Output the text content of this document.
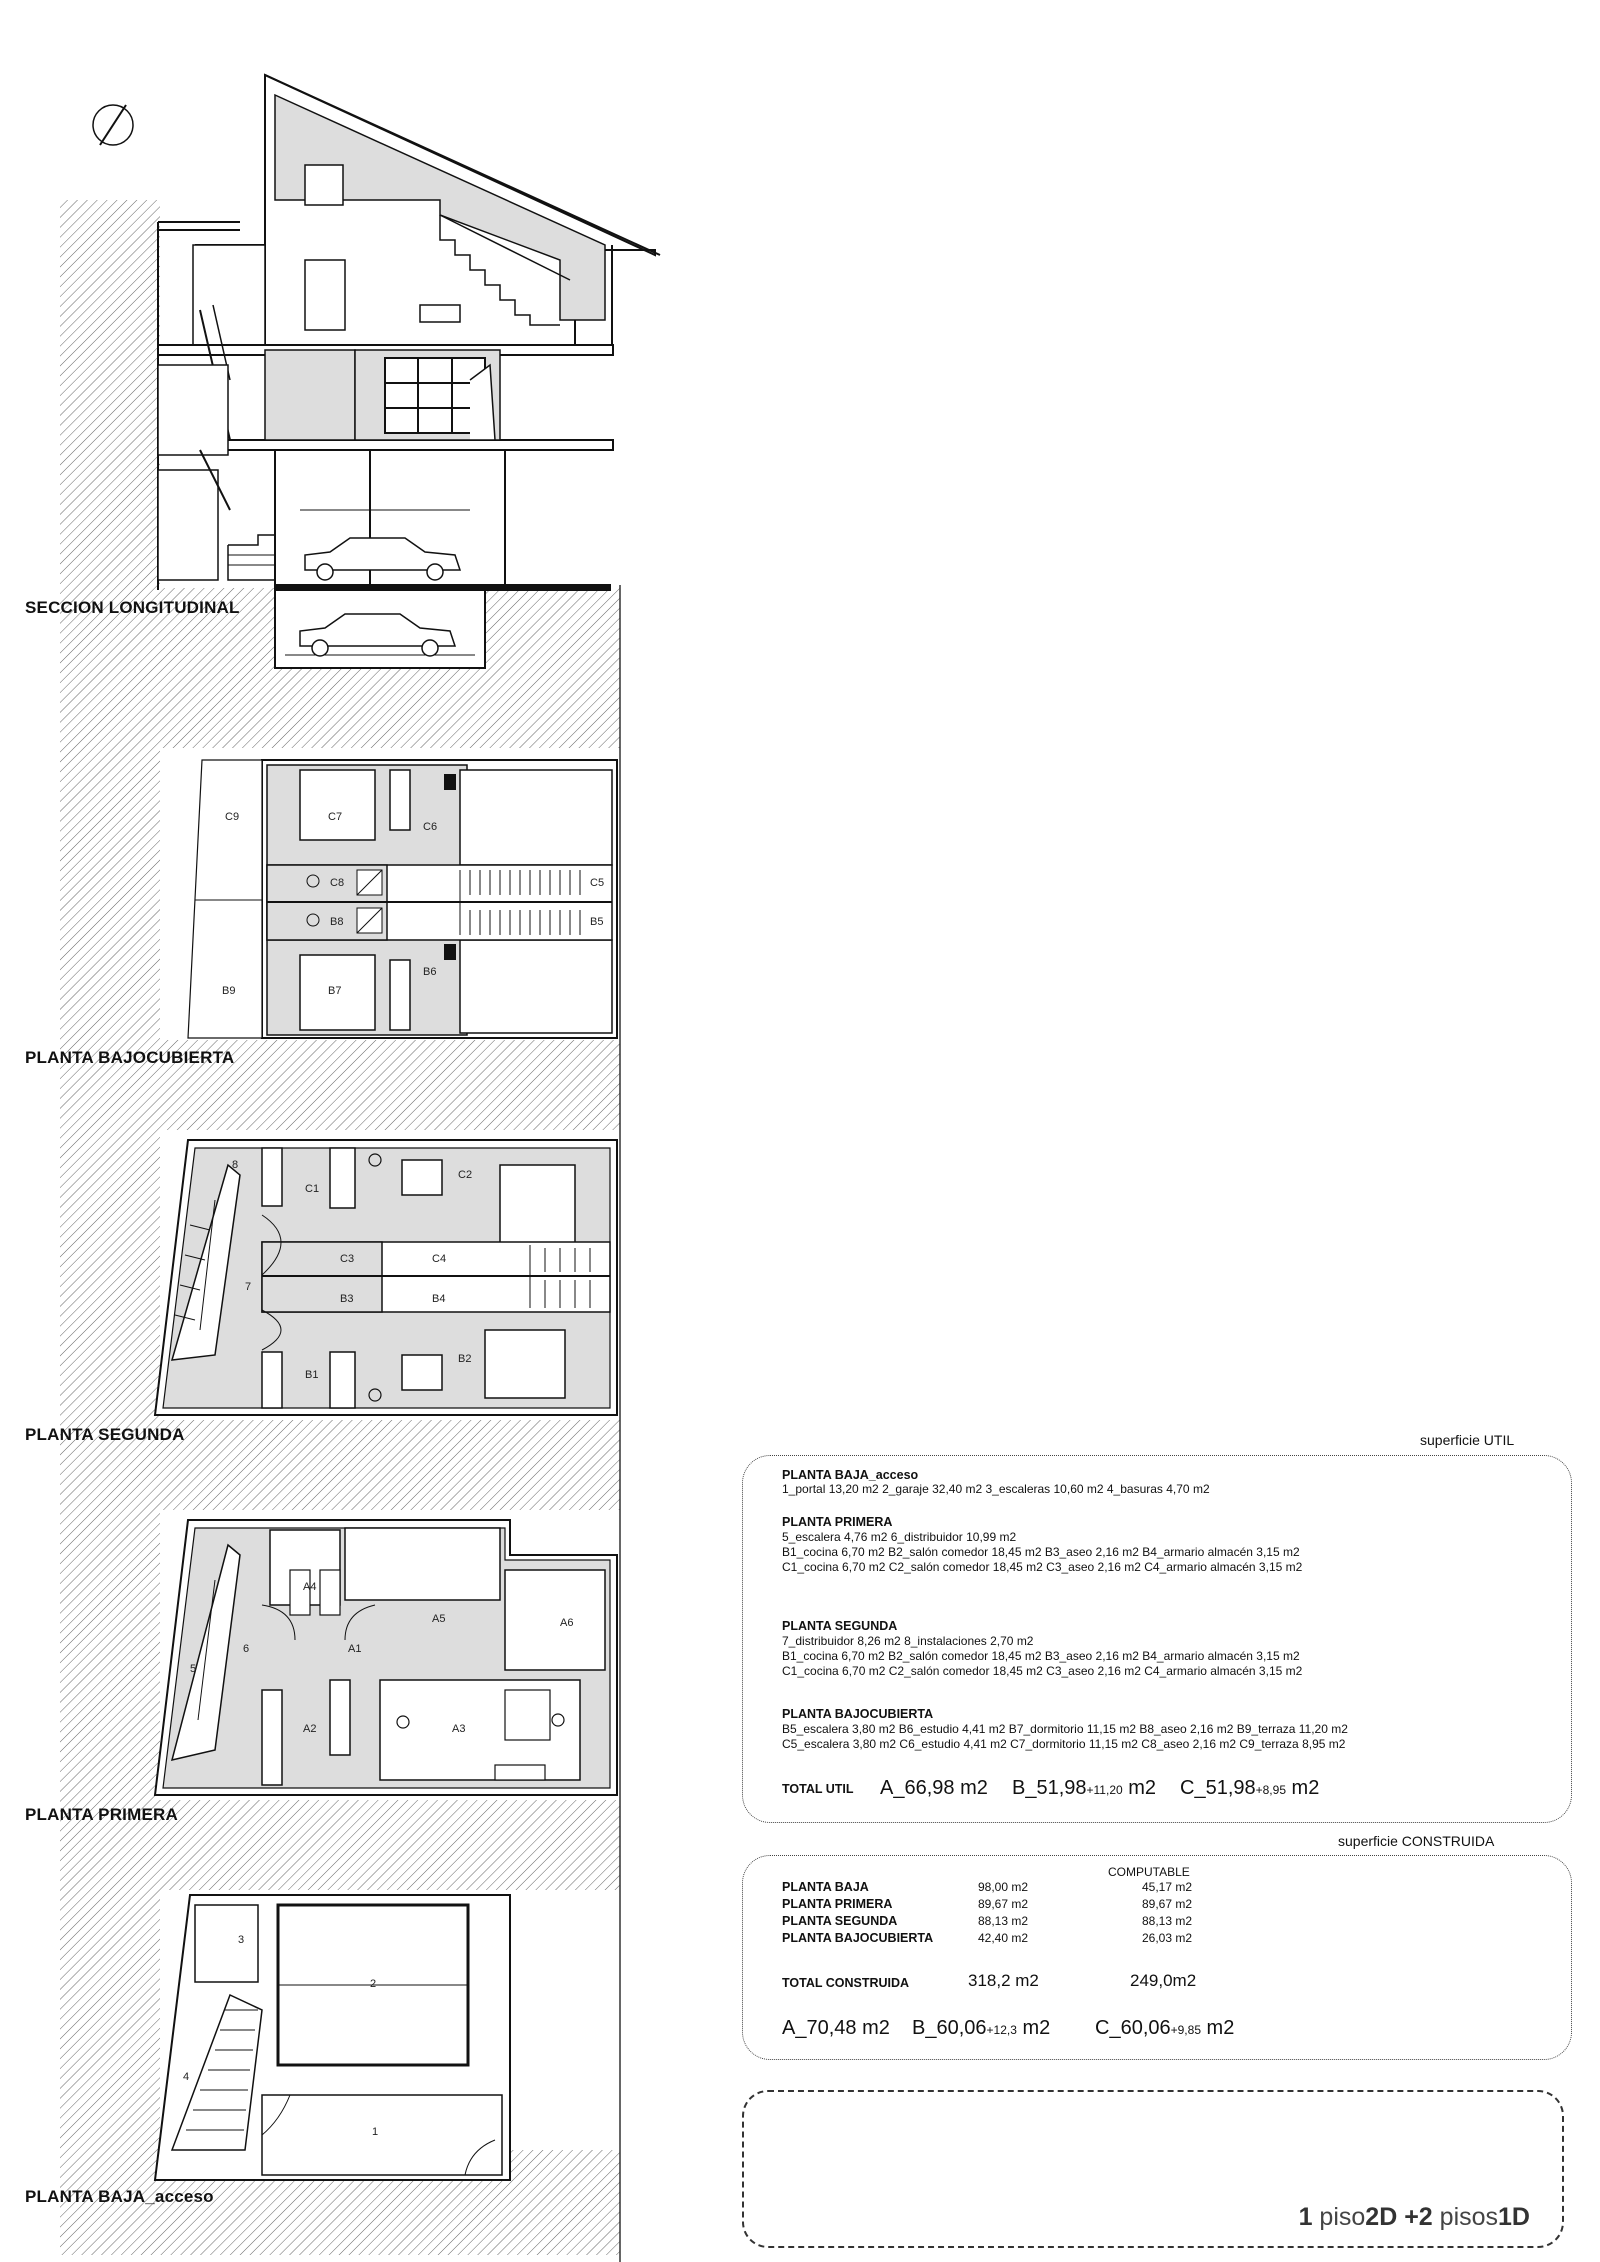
C9	C7
C6
C8	C5
B8	B5
B6
B9	B7
8
C1
C2
C3	C4
7
B3	B4
B1
B2
A4
A5	A6
6	A1
A2	A3
5
3
2
4
1
SECCION LONGITUDINAL
PLANTA BAJOCUBIERTA
PLANTA SEGUNDA
PLANTA PRIMERA
PLANTA BAJA_acceso
superficie UTIL
PLANTA BAJA_acceso
1_portal 13,20 m2 2_garaje 32,40 m2 3_escaleras 10,60 m2 4_basuras 4,70 m2
PLANTA PRIMERA
5_escalera 4,76 m2 6_distribuidor 10,99 m2
B1_cocina 6,70 m2 B2_salón comedor 18,45 m2 B3_aseo 2,16 m2 B4_armario almacén 3,15 m2
C1_cocina 6,70 m2 C2_salón comedor 18,45 m2 C3_aseo 2,16 m2 C4_armario almacén 3,15 m2
PLANTA SEGUNDA
7_distribuidor 8,26 m2 8_instalaciones 2,70 m2
B1_cocina 6,70 m2 B2_salón comedor 18,45 m2 B3_aseo 2,16 m2 B4_armario almacén 3,15 m2
C1_cocina 6,70 m2 C2_salón comedor 18,45 m2 C3_aseo 2,16 m2 C4_armario almacén 3,15 m2
PLANTA BAJOCUBIERTA
B5_escalera 3,80 m2 B6_estudio 4,41 m2 B7_dormitorio 11,15 m2 B8_aseo 2,16 m2 B9_terraza 11,20 m2
C5_escalera 3,80 m2 C6_estudio 4,41 m2 C7_dormitorio 11,15 m2 C8_aseo 2,16 m2 C9_terraza 8,95 m2
TOTAL UTIL A_66,98 m2 B_51,98+11,20 m2 C_51,98+8,95 m2
superficie CONSTRUIDA
COMPUTABLE
PLANTA BAJA	98,00 m2	45,17 m2
PLANTA PRIMERA	89,67 m2	89,67 m2
PLANTA SEGUNDA	88,13 m2	88,13 m2
PLANTA BAJOCUBIERTA	42,40 m2	26,03 m2
TOTAL CONSTRUIDA	318,2 m2	249,0m2
A_70,48 m2 B_60,06+12,3 m2 C_60,06+9,85 m2
1 piso2D +2 pisos1D
